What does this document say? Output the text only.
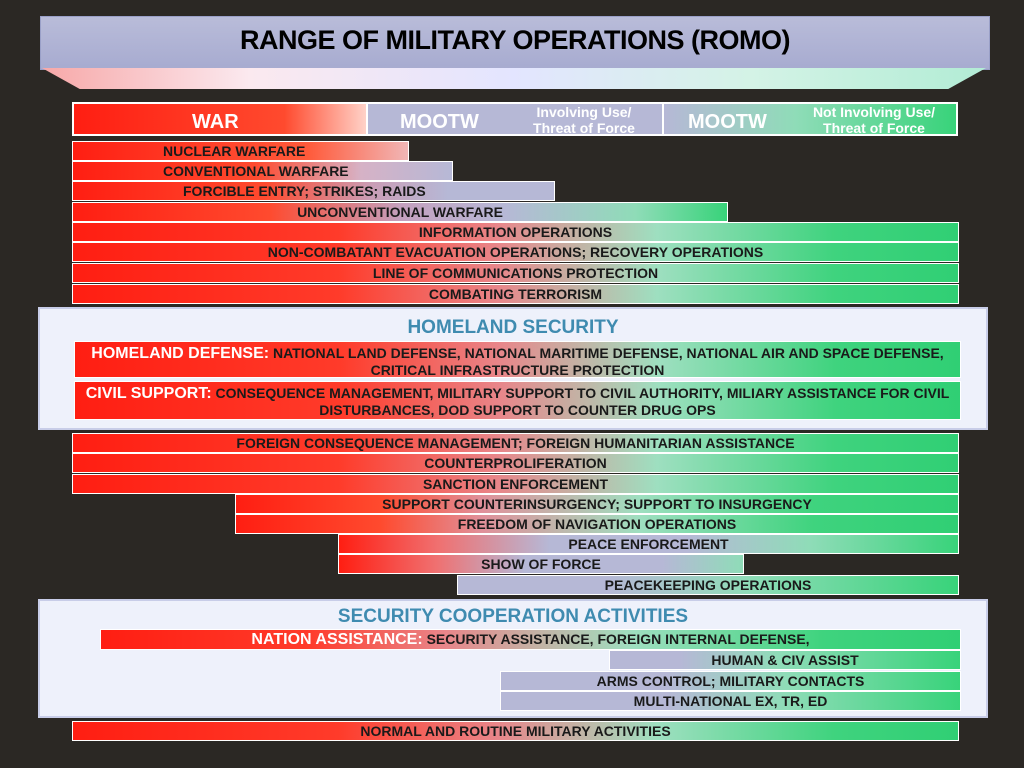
RANGE OF MILITARY OPERATIONS (ROMO)
WAR	MOOTW	Involving Use/ Threat of Force	MOOTW	Not Involving Use/ Threat of Force
NUCLEAR WARFARE
CONVENTIONAL WARFARE
FORCIBLE ENTRY; STRIKES; RAIDS
UNCONVENTIONAL WARFARE
INFORMATION OPERATIONS
NON-COMBATANT EVACUATION OPERATIONS; RECOVERY OPERATIONS
LINE OF COMMUNICATIONS PROTECTION
COMBATING TERRORISM
HOMELAND SECURITY
HOMELAND DEFENSE: NATIONAL LAND DEFENSE, NATIONAL MARITIME DEFENSE, NATIONAL AIR AND SPACE DEFENSE, CRITICAL INFRASTRUCTURE PROTECTION
CIVIL SUPPORT: CONSEQUENCE MANAGEMENT, MILITARY SUPPORT TO CIVIL AUTHORITY, MILIARY ASSISTANCE FOR CIVIL DISTURBANCES, DOD SUPPORT TO COUNTER DRUG OPS
FOREIGN CONSEQUENCE MANAGEMENT; FOREIGN HUMANITARIAN ASSISTANCE
COUNTERPROLIFERATION
SANCTION ENFORCEMENT
SUPPORT COUNTERINSURGENCY; SUPPORT TO INSURGENCY
FREEDOM OF NAVIGATION OPERATIONS
PEACE ENFORCEMENT
SHOW OF FORCE
PEACEKEEPING OPERATIONS
SECURITY COOPERATION ACTIVITIES
NATION ASSISTANCE: SECURITY ASSISTANCE, FOREIGN INTERNAL DEFENSE,
HUMAN & CIV ASSIST
ARMS CONTROL; MILITARY CONTACTS
MULTI-NATIONAL EX, TR, ED
NORMAL AND ROUTINE MILITARY ACTIVITIES
